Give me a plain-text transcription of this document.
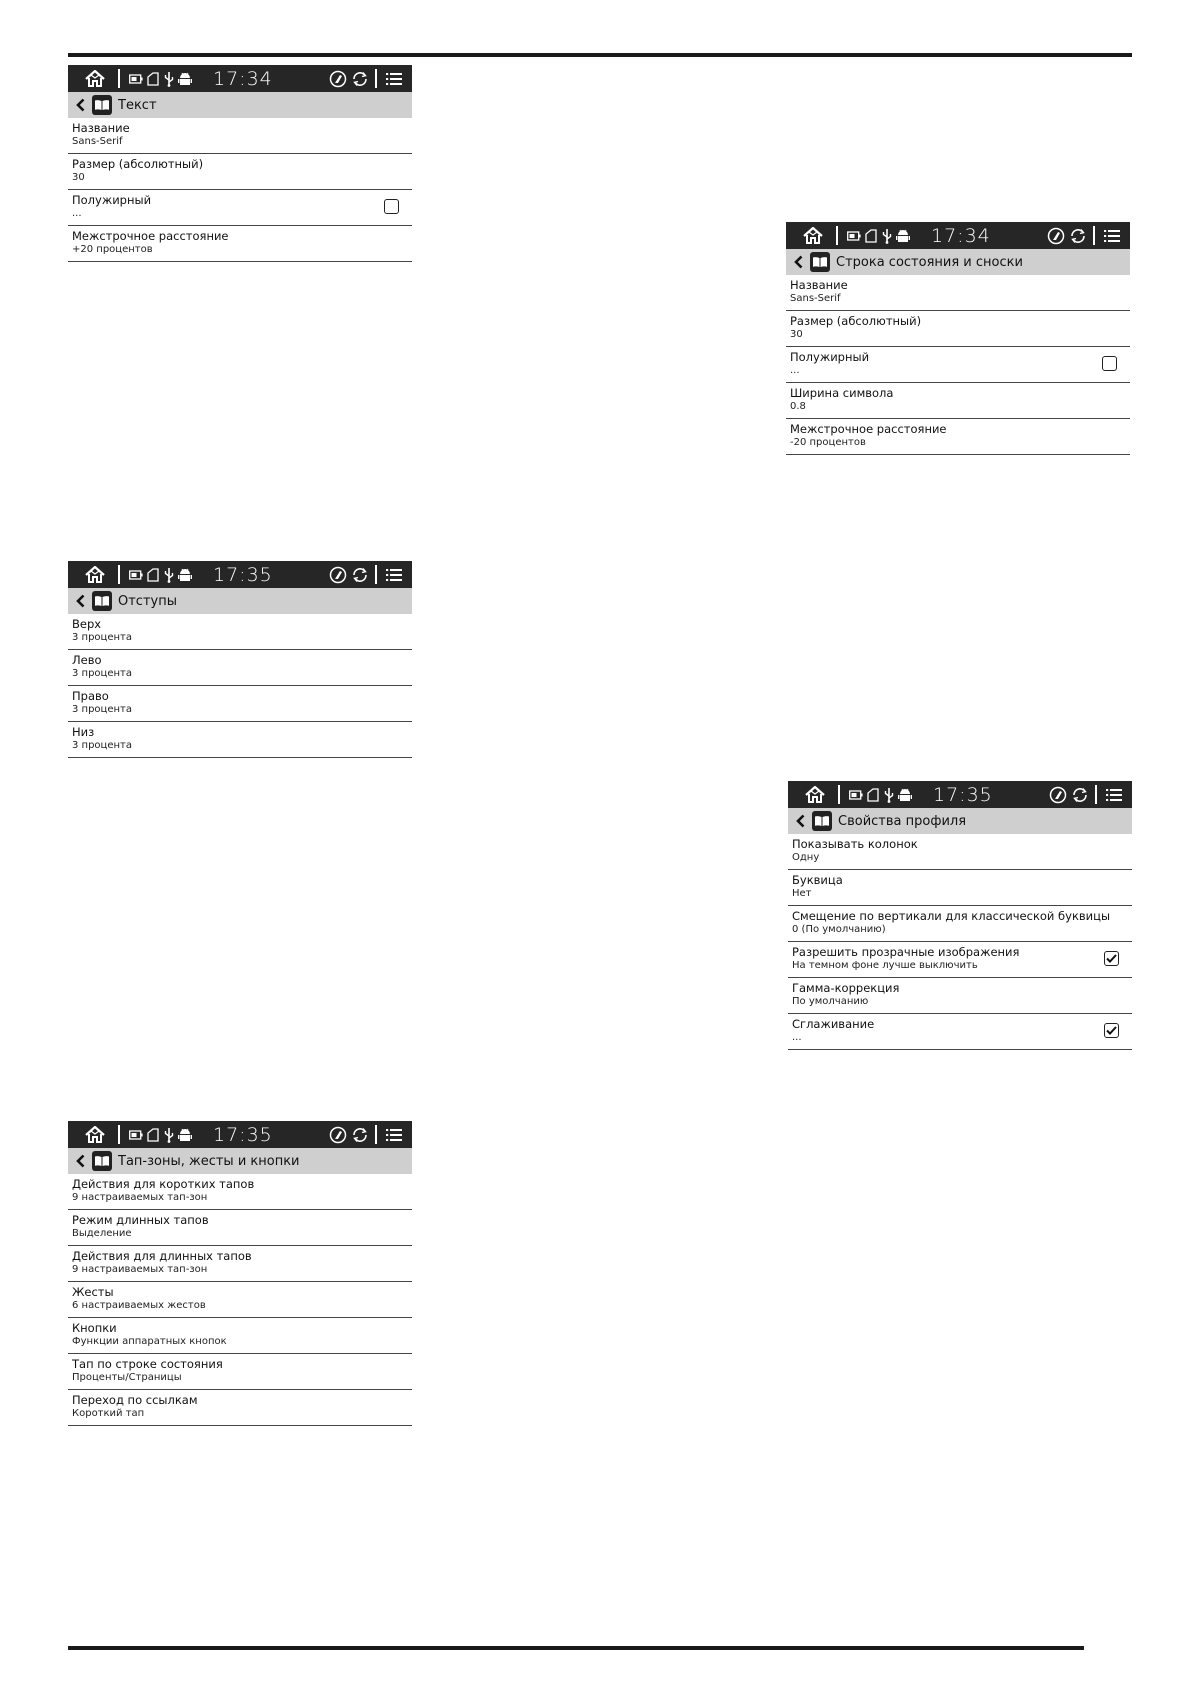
17:34
Текст
Название
Sans-Serif
Размер (абсолютный)
30
Полужирный
...
Межстрочное расстояние
+20 процентов
17:34
Строка состояния и сноски
Название
Sans-Serif
Размер (абсолютный)
30
Полужирный
...
Ширина символа
0.8
Межстрочное расстояние
-20 процентов
17:35
Отступы
Верх
3 процента
Лево
3 процента
Право
3 процента
Низ
3 процента
17:35
Свойства профиля
Показывать колонок
Одну
Буквица
Нет
Смещение по вертикали для классической буквицы
0 (По умолчанию)
Разрешить прозрачные изображения
На темном фоне лучше выключить
Гамма-коррекция
По умолчанию
Сглаживание
...
17:35
Тап-зоны, жесты и кнопки
Действия для коротких тапов
9 настраиваемых тап-зон
Режим длинных тапов
Выделение
Действия для длинных тапов
9 настраиваемых тап-зон
Жесты
6 настраиваемых жестов
Кнопки
Функции аппаратных кнопок
Тап по строке состояния
Проценты/Страницы
Переход по ссылкам
Короткий тап
